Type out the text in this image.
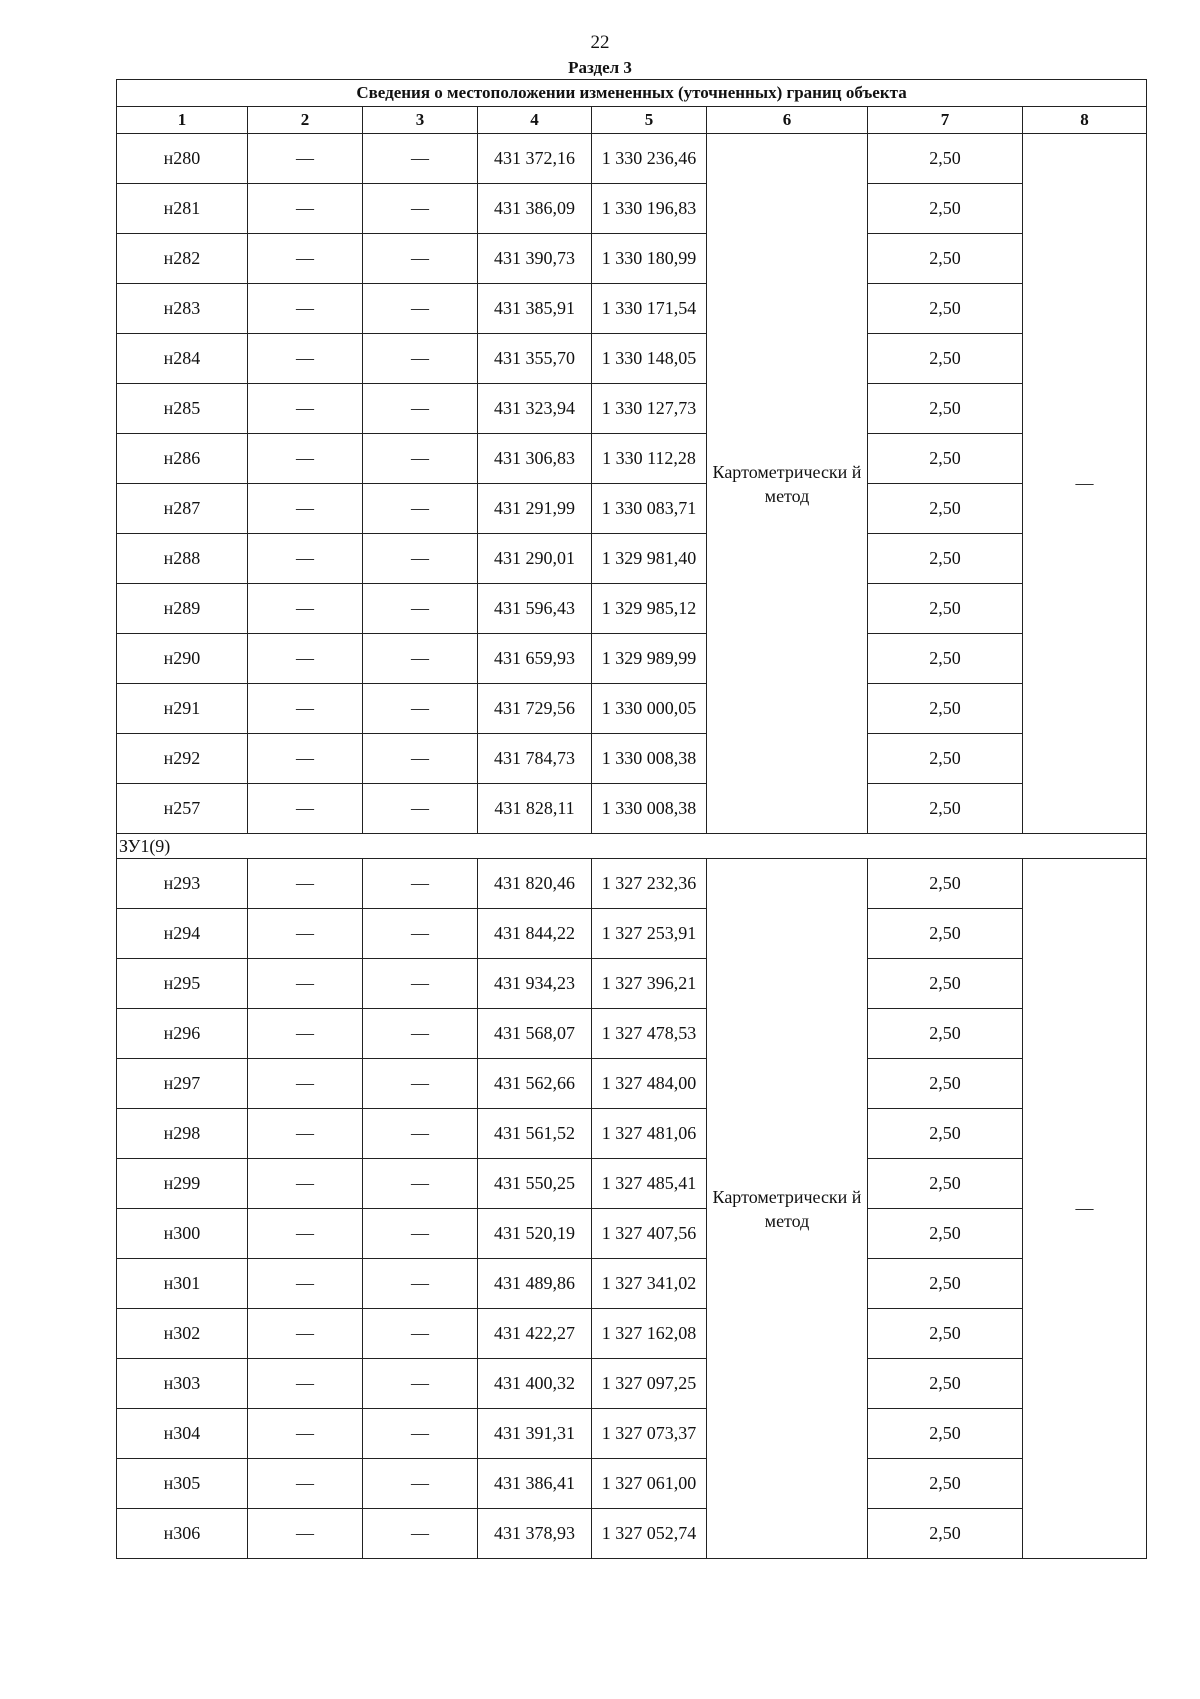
22
Раздел 3
Сведения о местоположении измененных (уточненных) границ объекта							
1	2	3	4	5	6	7	8
н280	—	—	431 372,16	1 330 236,46	Картометрически й метод	2,50	—
н281	—	—	431 386,09	1 330 196,83		2,50	
н282	—	—	431 390,73	1 330 180,99		2,50	
н283	—	—	431 385,91	1 330 171,54		2,50	
н284	—	—	431 355,70	1 330 148,05		2,50	
н285	—	—	431 323,94	1 330 127,73		2,50	
н286	—	—	431 306,83	1 330 112,28		2,50	
н287	—	—	431 291,99	1 330 083,71		2,50	
н288	—	—	431 290,01	1 329 981,40		2,50	
н289	—	—	431 596,43	1 329 985,12		2,50	
н290	—	—	431 659,93	1 329 989,99		2,50	
н291	—	—	431 729,56	1 330 000,05		2,50	
н292	—	—	431 784,73	1 330 008,38		2,50	
н257	—	—	431 828,11	1 330 008,38		2,50	
ЗУ1(9)							
н293	—	—	431 820,46	1 327 232,36	Картометрически й метод	2,50	—
н294	—	—	431 844,22	1 327 253,91		2,50	
н295	—	—	431 934,23	1 327 396,21		2,50	
н296	—	—	431 568,07	1 327 478,53		2,50	
н297	—	—	431 562,66	1 327 484,00		2,50	
н298	—	—	431 561,52	1 327 481,06		2,50	
н299	—	—	431 550,25	1 327 485,41		2,50	
н300	—	—	431 520,19	1 327 407,56		2,50	
н301	—	—	431 489,86	1 327 341,02		2,50	
н302	—	—	431 422,27	1 327 162,08		2,50	
н303	—	—	431 400,32	1 327 097,25		2,50	
н304	—	—	431 391,31	1 327 073,37		2,50	
н305	—	—	431 386,41	1 327 061,00		2,50	
н306	—	—	431 378,93	1 327 052,74		2,50	
